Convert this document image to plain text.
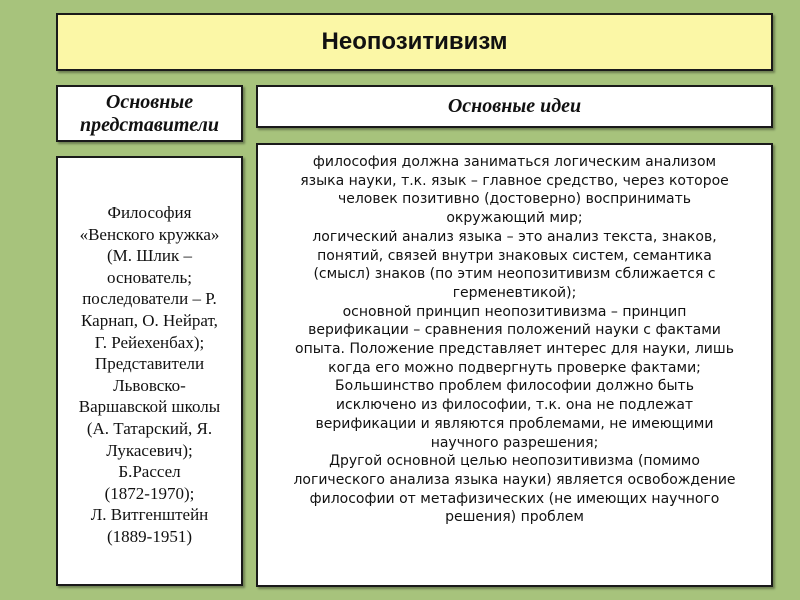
Неопозитивизм
Основные
представители
Основные идеи
Философия
«Венского кружка»
(М. Шлик –
основатель;
последователи – Р.
Карнап, О. Нейрат,
Г. Рейехенбах);
Представители
Львовско-
Варшавской школы
(А. Татарский, Я.
Лукасевич);
Б.Рассел
(1872-1970);
Л. Витгенштейн
(1889-1951)
философия должна заниматься логическим анализом
языка науки, т.к. язык – главное средство, через которое
человек позитивно (достоверно) воспринимать
окружающий мир;
логический анализ языка – это анализ текста, знаков,
понятий, связей внутри знаковых систем, семантика
(смысл) знаков (по этим неопозитивизм сближается с
герменевтикой);
основной принцип неопозитивизма – принцип
верификации – сравнения положений науки с фактами
опыта. Положение представляет интерес для науки, лишь
когда его можно подвергнуть проверке фактами;
Большинство проблем философии должно быть
исключено из философии, т.к. она не подлежат
верификации и являются проблемами, не имеющими
научного разрешения;
Другой основной целью неопозитивизма (помимо
логического анализа языка науки) является освобождение
философии от метафизических (не имеющих научного
решения) проблем
